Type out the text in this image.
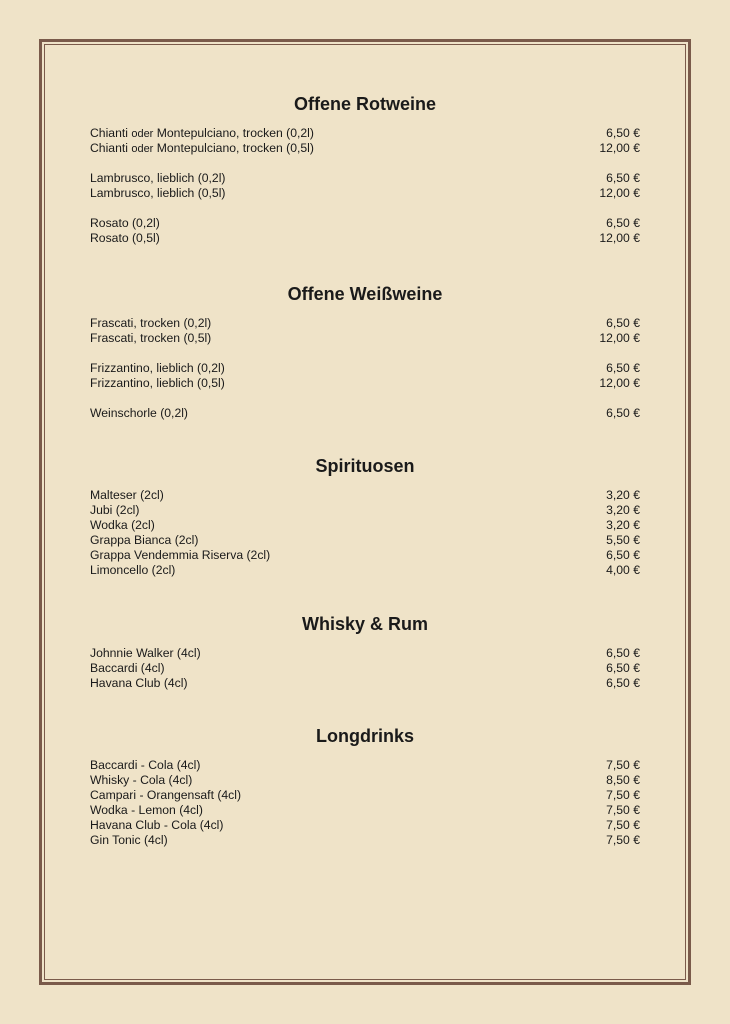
Offene Rotweine
Chianti oder Montepulciano, trocken (0,2l)	6,50 €
Chianti oder Montepulciano, trocken (0,5l)	12,00 €
Lambrusco, lieblich (0,2l)	6,50 €
Lambrusco, lieblich (0,5l)	12,00 €
Rosato (0,2l)	6,50 €
Rosato (0,5l)	12,00 €
Offene Weißweine
Frascati, trocken (0,2l)	6,50 €
Frascati, trocken (0,5l)	12,00 €
Frizzantino, lieblich (0,2l)	6,50 €
Frizzantino, lieblich (0,5l)	12,00 €
Weinschorle (0,2l)	6,50 €
Spirituosen
Malteser (2cl)	3,20 €
Jubi (2cl)	3,20 €
Wodka (2cl)	3,20 €
Grappa Bianca (2cl)	5,50 €
Grappa Vendemmia Riserva (2cl)	6,50 €
Limoncello (2cl)	4,00 €
Whisky & Rum
Johnnie Walker (4cl)	6,50 €
Baccardi (4cl)	6,50 €
Havana Club (4cl)	6,50 €
Longdrinks
Baccardi - Cola (4cl)	7,50 €
Whisky - Cola (4cl)	8,50 €
Campari - Orangensaft (4cl)	7,50 €
Wodka - Lemon (4cl)	7,50 €
Havana Club - Cola (4cl)	7,50 €
Gin Tonic (4cl)	7,50 €
